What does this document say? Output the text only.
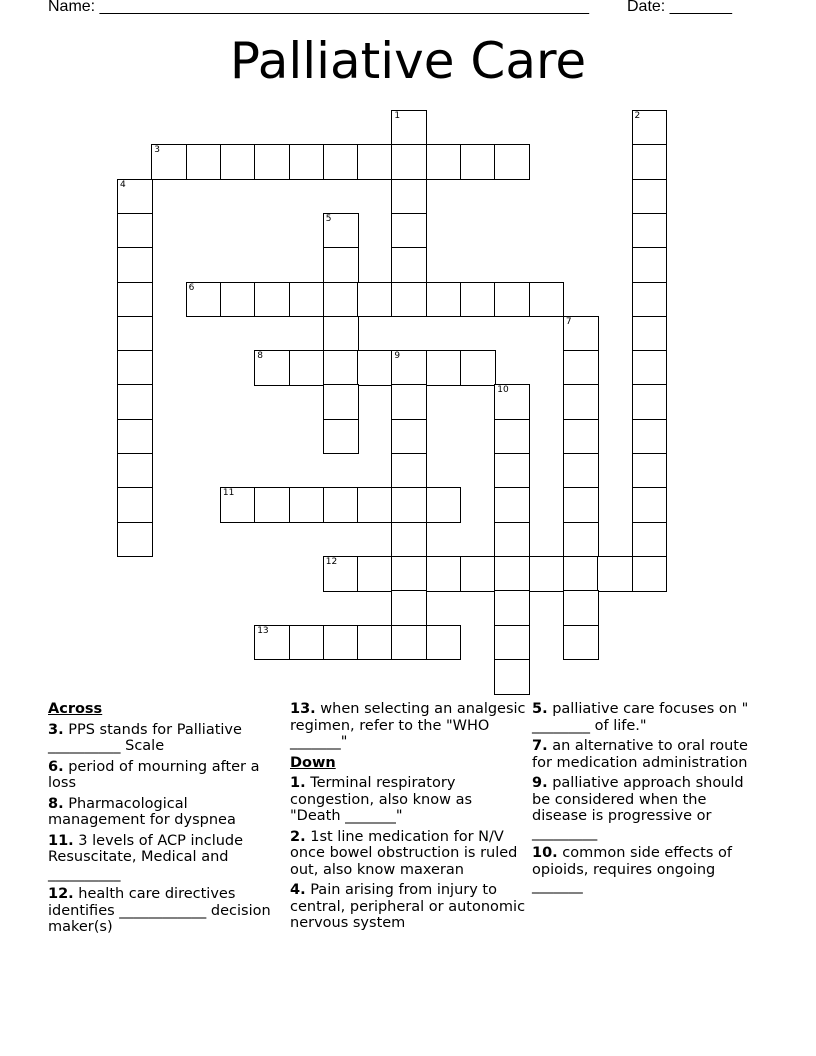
Name: _______________________________________________________ Date: _______
Palliative Care
1	2
3
4
5
6
7
8	9
10
11
12
13
Across
3. PPS stands for Palliative __________ Scale
6. period of mourning after a loss
8. Pharmacological management for dyspnea
11. 3 levels of ACP include Resuscitate, Medical and __________
12. health care directives identifies ____________ decision maker(s)
13. when selecting an analgesic regimen, refer to the "WHO _______"
Down
1. Terminal respiratory congestion, also know as "Death _______"
2. 1st line medication for N/V once bowel obstruction is ruled out, also know maxeran
4. Pain arising from injury to central, peripheral or autonomic nervous system
5. palliative care focuses on " ________ of life."
7. an alternative to oral route for medication administration
9. palliative approach should be considered when the disease is progressive or _________
10. common side effects of opioids, requires ongoing _______
